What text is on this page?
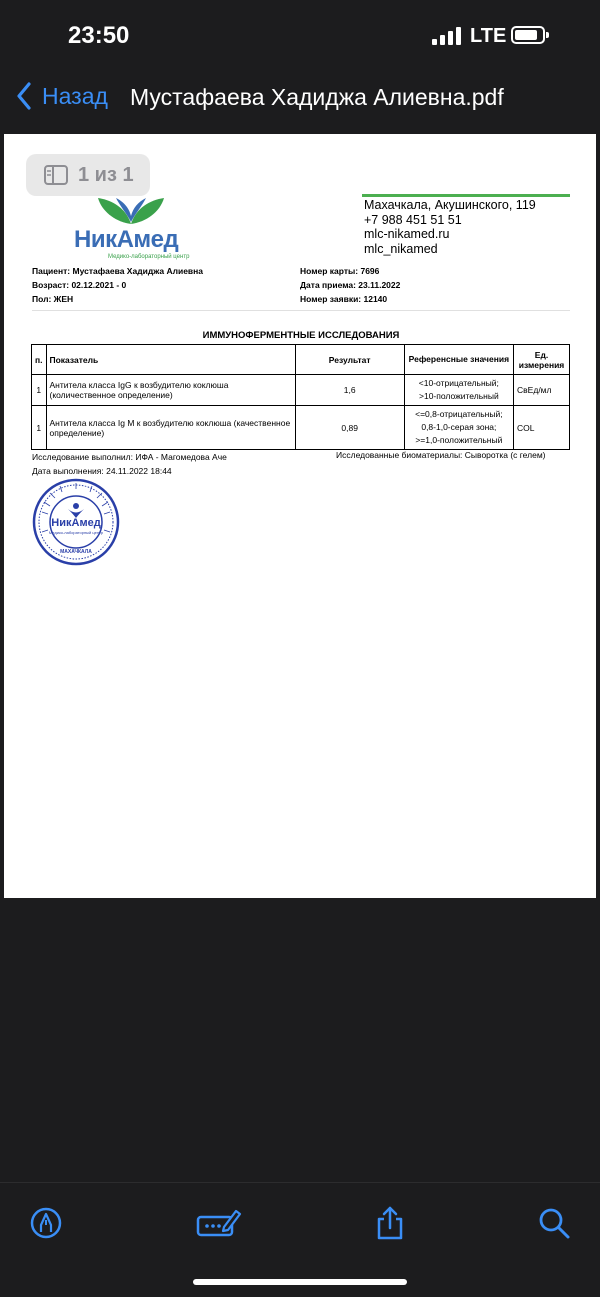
23:50	LTE
Назад Мустафаева Хадиджа Алиевна.pdf
1 из 1
НикАмед
Медико-лабораторный центр
Махачкала, Акушинского, 119
+7 988 451 51 51
mlc-nikamed.ru
mlc_nikamed
Пациент: Мустафаева Хадиджа Алиевна
Возраст: 02.12.2021 - 0
Пол: ЖЕН
Номер карты: 7696
Дата приема: 23.11.2022
Номер заявки: 12140
ИММУНОФЕРМЕНТНЫЕ ИССЛЕДОВАНИЯ
п.	Показатель	Результат	Референсные значения	Ед. измерения
1	Антитела класса IgG к возбудителю коклюша (количественное определение)	1,6	<10-отрицательный;
>10-положительный	СвЕд/мл
1	Антитела класса Ig M к возбудителю коклюша (качественное определение)	0,89	<=0,8-отрицательный;
0,8-1,0-серая зона;
>=1,0-положительный	COL
Исследование выполнил: ИФА - Магомедова Аче
Дата выполнения: 24.11.2022 18:44
Исследованные биоматериалы: Сыворотка (с гелем)
НикАмед
Медико-лабораторный центр
МАХАЧКАЛА
